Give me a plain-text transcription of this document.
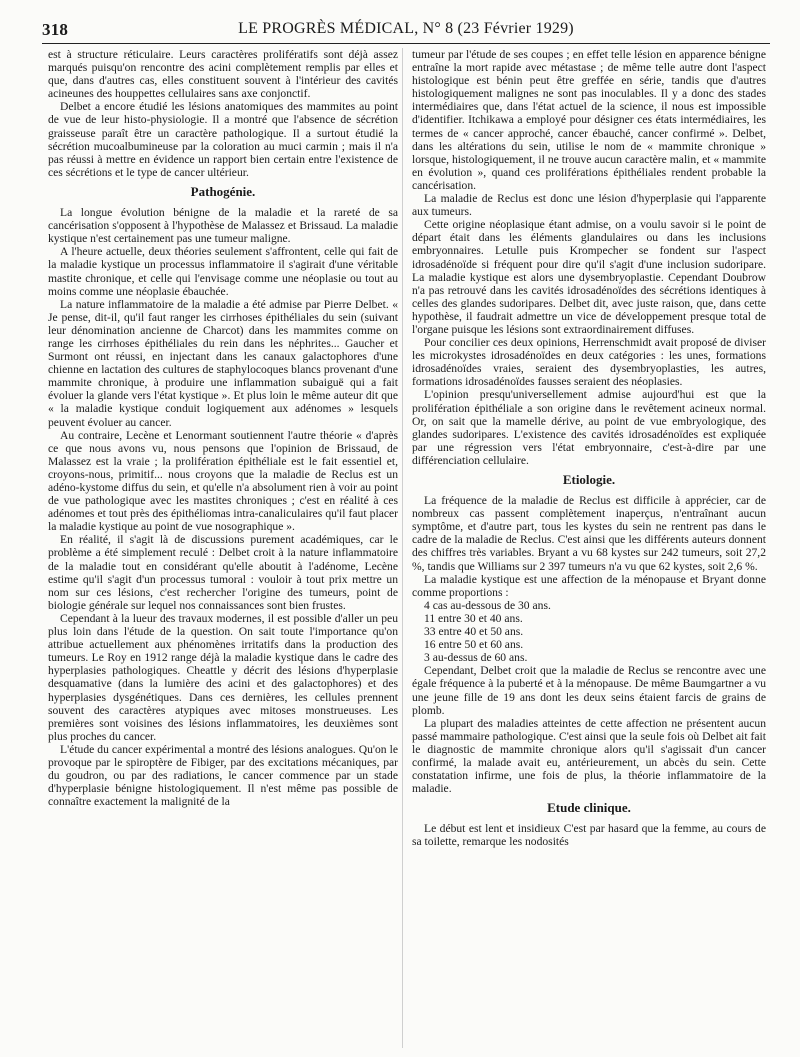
318	LE PROGRÈS MÉDICAL, N° 8 (23 Février 1929)

est à structure réticulaire. Leurs caractères prolifératifs sont déjà assez marqués puisqu'on rencontre des acini complètement remplis par elles et que, dans d'autres cas, elles constituent souvent à l'intérieur des cavités acineunes des houppettes cellulaires sans axe conjonctif.

Delbet a encore étudié les lésions anatomiques des mammites au point de vue de leur histo-physiologie. Il a montré que l'absence de sécrétion graisseuse paraît être un caractère pathologique. Il a surtout étudié la sécrétion mucoalbumineuse par la coloration au muci carmin ; mais il n'a pas réussi à mettre en évidence un rapport bien certain entre l'existence de ces sécrétions et le type de cancer ultérieur.

Pathogénie.

La longue évolution bénigne de la maladie et la rareté de sa cancérisation s'opposent à l'hypothèse de Malassez et Brissaud. La maladie kystique n'est certainement pas une tumeur maligne.

A l'heure actuelle, deux théories seulement s'affrontent, celle qui fait de la maladie kystique un processus inflammatoire il s'agirait d'une véritable mastite chronique, et celle qui l'envisage comme une néoplasie ou tout au moins comme une néoplasie ébauchée.

La nature inflammatoire de la maladie a été admise par Pierre Delbet. « Je pense, dit-il, qu'il faut ranger les cirrhoses épithéliales du sein (suivant leur dénomination ancienne de Charcot) dans les mammites comme on range les cirrhoses épithéliales du rein dans les néphrites... Gaucher et Surmont ont réussi, en injectant dans les canaux galactophores d'une chienne en lactation des cultures de staphylocoques blancs provenant d'une mammite chronique, à produire une inflammation subaiguë qui a fait évoluer la glande vers l'état kystique ». Et plus loin le même auteur dit que « la maladie kystique conduit logiquement aux adénomes » lesquels peuvent évoluer au cancer.

Au contraire, Lecène et Lenormant soutiennent l'autre théorie « d'après ce que nous avons vu, nous pensons que l'opinion de Brissaud, de Malassez est la vraie ; la prolifération épithéliale est le fait essentiel et, croyons-nous, primitif... nous croyons que la maladie de Reclus est un adéno-kystome diffus du sein, et qu'elle n'a absolument rien à voir au point de vue pathologique avec les mastites chroniques ; c'est en réalité à ces adénomes et tout près des épithéliomas intra-canaliculaires qu'il faut placer la maladie kystique au point de vue nosographique ».

En réalité, il s'agit là de discussions purement académiques, car le problème a été simplement reculé : Delbet croit à la nature inflammatoire de la maladie tout en considérant qu'elle aboutit à l'adénome, Lecène estime qu'il s'agit d'un processus tumoral : vouloir à tout prix mettre un nom sur ces lésions, c'est rechercher l'origine des tumeurs, point de biologie générale sur lequel nos connaissances sont bien frustes.

Cependant à la lueur des travaux modernes, il est possible d'aller un peu plus loin dans l'étude de la question. On sait toute l'importance qu'on attribue actuellement aux phénomènes irritatifs dans la production des tumeurs. Le Roy en 1912 range déjà la maladie kystique dans le cadre des hyperplasies pathologiques. Cheattle y décrit des lésions d'hyperplasie desquamative (dans la lumière des acini et des galactophores) et des hyperplasies dysgénétiques. Dans ces dernières, les cellules prennent souvent des caractères atypiques avec mitoses monstrueuses. Les premières sont voisines des lésions inflammatoires, les deuxièmes sont plus proches du cancer.

L'étude du cancer expérimental a montré des lésions analogues. Qu'on le provoque par le spiroptère de Fibiger, par des excitations mécaniques, par du goudron, ou par des radiations, le cancer commence par un stade d'hyperplasie bénigne histologiquement. Il n'est même pas possible de connaître exactement la malignité de la

tumeur par l'étude de ses coupes ; en effet telle lésion en apparence bénigne entraîne la mort rapide avec métastase ; de même telle autre dont l'aspect histologique est bénin peut être greffée en série, tandis que d'autres histologiquement malignes ne sont pas inoculables. Il y a donc des stades intermédiaires que, dans l'état actuel de la science, il nous est impossible d'identifier. Itchikawa a employé pour désigner ces états intermédiaires, les termes de « cancer approché, cancer ébauché, cancer confirmé ». Delbet, dans les altérations du sein, utilise le nom de « mammite chronique » lorsque, histologiquement, il ne trouve aucun caractère malin, et « mammite en évolution », quand ces proliférations épithéliales rendent probable la cancérisation.

La maladie de Reclus est donc une lésion d'hyperplasie qui l'apparente aux tumeurs.

Cette origine néoplasique étant admise, on a voulu savoir si le point de départ était dans les éléments glandulaires ou dans les inclusions embryonnaires. Letulle puis Krompecher se fondent sur l'aspect idrosadénoïde si fréquent pour dire qu'il s'agit d'une inclusion sudoripare. La maladie kystique est alors une dysembryoplastie. Cependant Doubrow n'a pas retrouvé dans les cavités idrosadénoïdes des sécrétions identiques à celles des glandes sudoripares. Delbet dit, avec juste raison, que, dans cette hypothèse, il faudrait admettre un vice de développement presque total de l'organe puisque les lésions sont extraordinairement diffuses.

Pour concilier ces deux opinions, Herrenschmidt avait proposé de diviser les microkystes idrosadénoïdes en deux catégories : les unes, formations idrosadénoïdes vraies, seraient des dysembryoplasties, les autres, formations idrosadénoïdes fausses seraient des néoplasies.

L'opinion presqu'universellement admise aujourd'hui est que la prolifération épithéliale a son origine dans le revêtement acineux normal. Or, on sait que la mamelle dérive, au point de vue embryologique, des glandes sudoripares. L'existence des cavités idrosadénoïdes est expliquée par une régression vers l'état embryonnaire, c'est-à-dire par une différenciation cellulaire.

Etiologie.

La fréquence de la maladie de Reclus est difficile à apprécier, car de nombreux cas passent complètement inaperçus, n'entraînant aucun symptôme, et d'autre part, tous les kystes du sein ne rentrent pas dans le cadre de la maladie de Reclus. C'est ainsi que les différents auteurs donnent des chiffres très variables. Bryant a vu 68 kystes sur 242 tumeurs, soit 27,2 %, tandis que Williams sur 2 397 tumeurs n'a vu que 62 kystes, soit 2,6 %.

La maladie kystique est une affection de la ménopause et Bryant donne comme proportions :

4 cas au-dessous de 30 ans.

11 entre 30 et 40 ans.

33 entre 40 et 50 ans.

16 entre 50 et 60 ans.

3 au-dessus de 60 ans.

Cependant, Delbet croit que la maladie de Reclus se rencontre avec une égale fréquence à la puberté et à la ménopause. De même Baumgartner a vu une jeune fille de 19 ans dont les deux seins étaient farcis de grains de plomb.

La plupart des maladies atteintes de cette affection ne présentent aucun passé mammaire pathologique. C'est ainsi que la seule fois où Delbet ait fait le diagnostic de mammite chronique alors qu'il s'agissait d'un cancer confirmé, la malade avait eu, antérieurement, un abcès du sein. Cette constatation infirme, une fois de plus, la théorie inflammatoire de la maladie.

Etude clinique.

Le début est lent et insidieux C'est par hasard que la femme, au cours de sa toilette, remarque les nodosités
